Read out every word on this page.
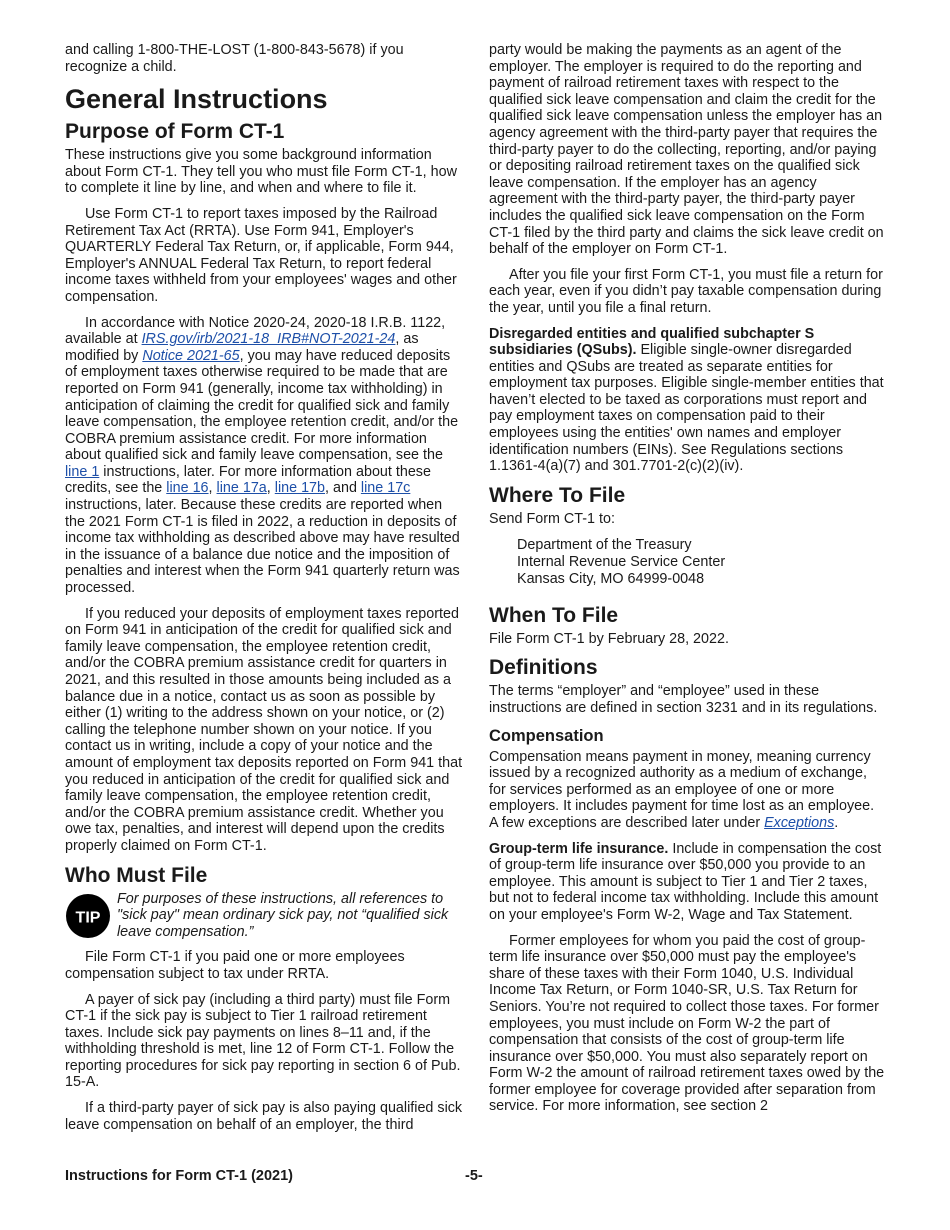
and calling 1-800-THE-LOST (1-800-843-5678) if you recognize a child.

General Instructions
Purpose of Form CT-1

These instructions give you some background information about Form CT-1. They tell you who must file Form CT-1, how to complete it line by line, and when and where to file it.

Use Form CT-1 to report taxes imposed by the Railroad Retirement Tax Act (RRTA). Use Form 941, Employer's QUARTERLY Federal Tax Return, or, if applicable, Form 944, Employer's ANNUAL Federal Tax Return, to report federal income taxes withheld from your employees' wages and other compensation.

In accordance with Notice 2020-24, 2020-18 I.R.B. 1122, available at IRS.gov/irb/2021-18_IRB#NOT-2021-24, as modified by Notice 2021-65, you may have reduced deposits of employment taxes otherwise required to be made that are reported on Form 941 (generally, income tax withholding) in anticipation of claiming the credit for qualified sick and family leave compensation, the employee retention credit, and/or the COBRA premium assistance credit. For more information about qualified sick and family leave compensation, see the line 1 instructions, later. For more information about these credits, see the line 16, line 17a, line 17b, and line 17c instructions, later. Because these credits are reported when the 2021 Form CT-1 is filed in 2022, a reduction in deposits of income tax withholding as described above may have resulted in the issuance of a balance due notice and the imposition of penalties and interest when the Form 941 quarterly return was processed.

If you reduced your deposits of employment taxes reported on Form 941 in anticipation of the credit for qualified sick and family leave compensation, the employee retention credit, and/or the COBRA premium assistance credit for quarters in 2021, and this resulted in those amounts being included as a balance due in a notice, contact us as soon as possible by either (1) writing to the address shown on your notice, or (2) calling the telephone number shown on your notice. If you contact us in writing, include a copy of your notice and the amount of employment tax deposits reported on Form 941 that you reduced in anticipation of the credit for qualified sick and family leave compensation, the employee retention credit, and/or the COBRA premium assistance credit. Whether you owe tax, penalties, and interest will depend upon the credits properly claimed on Form CT-1.

Who Must File
TIP
For purposes of these instructions, all references to "sick pay" mean ordinary sick pay, not “qualified sick leave compensation.”

File Form CT-1 if you paid one or more employees compensation subject to tax under RRTA.

A payer of sick pay (including a third party) must file Form CT-1 if the sick pay is subject to Tier 1 railroad retirement taxes. Include sick pay payments on lines 8–11 and, if the withholding threshold is met, line 12 of Form CT-1. Follow the reporting procedures for sick pay reporting in section 6 of Pub. 15-A.

If a third-party payer of sick pay is also paying qualified sick leave compensation on behalf of an employer, the third

party would be making the payments as an agent of the employer. The employer is required to do the reporting and payment of railroad retirement taxes with respect to the qualified sick leave compensation and claim the credit for the qualified sick leave compensation unless the employer has an agency agreement with the third-party payer that requires the third-party payer to do the collecting, reporting, and/or paying or depositing railroad retirement taxes on the qualified sick leave compensation. If the employer has an agency agreement with the third-party payer, the third-party payer includes the qualified sick leave compensation on the Form CT-1 filed by the third party and claims the sick leave credit on behalf of the employer on Form CT-1.

After you file your first Form CT-1, you must file a return for each year, even if you didn’t pay taxable compensation during the year, until you file a final return.

Disregarded entities and qualified subchapter S subsidiaries (QSubs). Eligible single-owner disregarded entities and QSubs are treated as separate entities for employment tax purposes. Eligible single-member entities that haven’t elected to be taxed as corporations must report and pay employment taxes on compensation paid to their employees using the entities' own names and employer identification numbers (EINs). See Regulations sections 1.1361-4(a)(7) and 301.7701-2(c)(2)(iv).

Where To File

Send Form CT-1 to:

Department of the Treasury
Internal Revenue Service Center
Kansas City, MO 64999-0048
When To File

File Form CT-1 by February 28, 2022.

Definitions

The terms “employer” and “employee” used in these instructions are defined in section 3231 and in its regulations.

Compensation

Compensation means payment in money, meaning currency issued by a recognized authority as a medium of exchange, for services performed as an employee of one or more employers. It includes payment for time lost as an employee. A few exceptions are described later under Exceptions.

Group-term life insurance. Include in compensation the cost of group-term life insurance over $50,000 you provide to an employee. This amount is subject to Tier 1 and Tier 2 taxes, but not to federal income tax withholding. Include this amount on your employee's Form W-2, Wage and Tax Statement.

Former employees for whom you paid the cost of group-term life insurance over $50,000 must pay the employee's share of these taxes with their Form 1040, U.S. Individual Income Tax Return, or Form 1040-SR, U.S. Tax Return for Seniors. You’re not required to collect those taxes. For former employees, you must include on Form W-2 the part of compensation that consists of the cost of group-term life insurance over $50,000. You must also separately report on Form W-2 the amount of railroad retirement taxes owed by the former employee for coverage provided after separation from service. For more information, see section 2

Instructions for Form CT-1 (2021)	-5-
